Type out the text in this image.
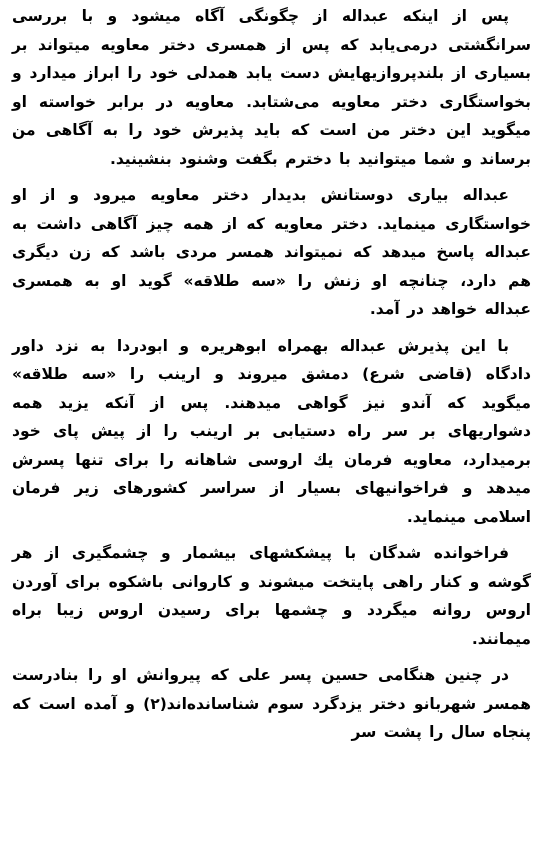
پس از اینکه عبداله از چگونگی آگاه میشود و با بررسی سرانگشتی درمی‌یابد که پس از همسری دختر معاویه میتواند بر بسیاری از بلندپروازیهایش دست یابد همدلی خود را ابراز میدارد و بخواستگاری دختر معاویه می‌شتابد. معاویه در برابر خواسته او میگوید این دختر من است که باید پذیرش خود را به آگاهی من برساند و شما میتوانید با دخترم بگفت وشنود بنشینید.

عبداله بیاری دوستانش بدیدار دختر معاویه میرود و از او خواستگاری مینماید. دختر معاویه که از همه چیز آگاهی داشت به عبداله پاسخ میدهد که نمیتواند همسر مردی باشد که زن دیگری هم دارد، چنانچه او زنش را «سه طلاقه» گوید او به همسری عبداله خواهد در آمد.

با این پذیرش عبداله بهمراه ابوهریره و ابودردا به نزد داور دادگاه (قاضی شرع) دمشق میروند و ارینب را «سه طلاقه» میگوید که آندو نیز گواهی میدهند. پس از آنکه یزید همه دشواریهای بر سر راه دستیابی بر ارینب را از پیش پای خود برمیدارد، معاویه فرمان یك اروسی شاهانه را برای تنها پسرش میدهد و فراخوانیهای بسیار از سراسر کشورهای زیر فرمان اسلامی مینماید.

فراخوانده شدگان با پیشکشهای بیشمار و چشمگیری از هر گوشه و کنار راهی پایتخت میشوند و کاروانی باشکوه برای آوردن اروس روانه میگردد و چشمها برای رسیدن اروس زیبا براه میمانند.

در چنین هنگامی حسین پسر علی که پیروانش او را بنادرست همسر شهربانو دختر یزدگرد سوم شناسانده‌اند(۲) و آمده است که پنجاه سال را پشت سر
